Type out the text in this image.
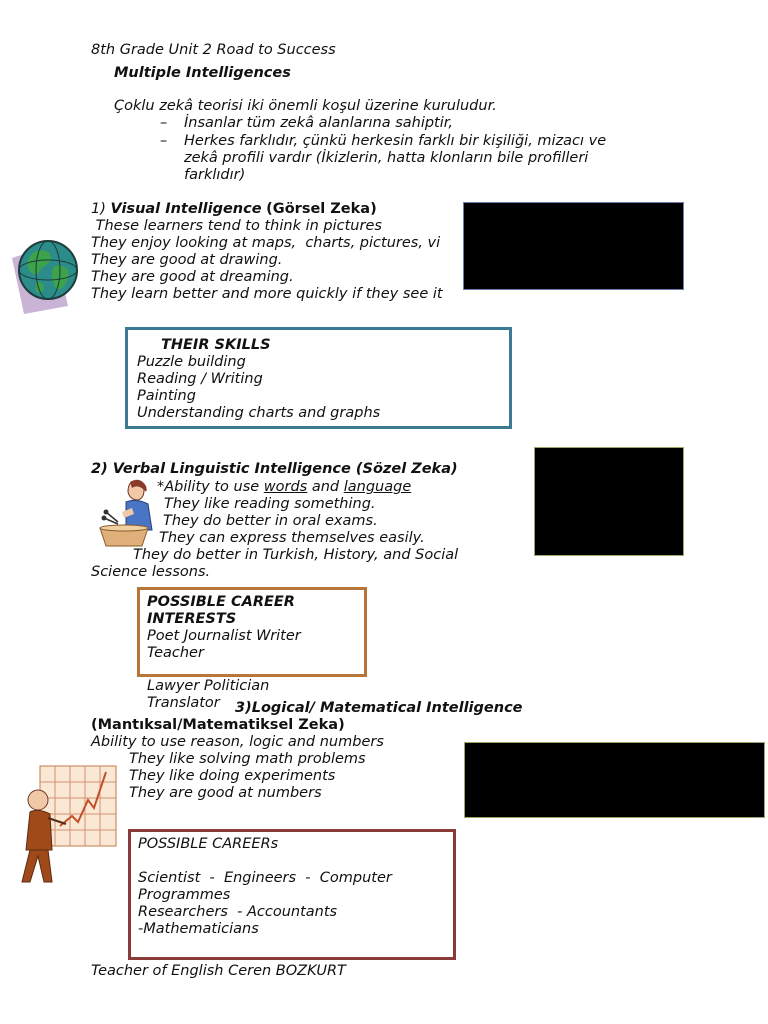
8th Grade Unit 2 Road to Success
Multiple Intelligences
Çoklu zekâ teorisi iki önemli koşul üzerine kuruludur.
– İnsanlar tüm zekâ alanlarına sahiptir,
– Herkes farklıdır, çünkü herkesin farklı bir kişiliği, mizacı ve
zekâ profili vardır (İkizlerin, hatta klonların bile profilleri
farklıdır)
1) Visual Intelligence (Görsel Zeka)
These learners tend to think in pictures
They enjoy looking at maps,  charts, pictures, vi
They are good at drawing.
They are good at dreaming.
They learn better and more quickly if they see it
THEIR SKILLS
Puzzle building
Reading / Writing
Painting
Understanding charts and graphs
2) Verbal Linguistic Intelligence (Sözel Zeka)
*Ability to use words and language
They like reading something.
They do better in oral exams.
They can express themselves easily.
They do better in Turkish, History, and Social
Science lessons.
POSSIBLE CAREER
INTERESTS
Poet Journalist Writer
Teacher
Lawyer Politician
Translator 3)Logical/ Matematical Intelligence
(Mantıksal/Matematiksel Zeka)
Ability to use reason, logic and numbers
They like solving math problems
They like doing experiments
They are good at numbers
POSSIBLE CAREERs
Scientist  -  Engineers  -  Computer
Programmes
Researchers  - Accountants
-Mathematicians
Teacher of English Ceren BOZKURT
